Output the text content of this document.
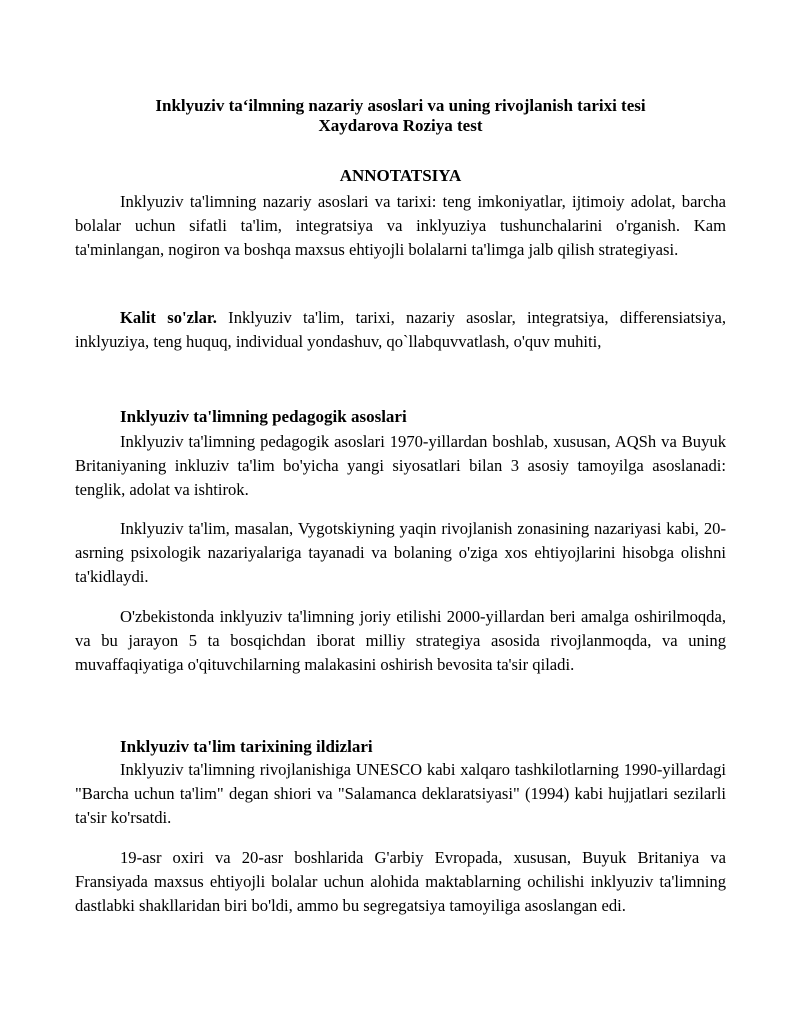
Inklyuziv ta‘ilmning nazariy asoslari va uning rivojlanish tarixi tesi
Xaydarova Roziya test
ANNOTATSIYA

Inklyuziv ta'limning nazariy asoslari va tarixi: teng imkoniyatlar, ijtimoiy adolat, barcha bolalar uchun sifatli ta'lim, integratsiya va inklyuziya tushunchalarini o'rganish. Kam ta'minlangan, nogiron va boshqa maxsus ehtiyojli bolalarni ta'limga jalb qilish strategiyasi.

Kalit so'zlar. Inklyuziv ta'lim, tarixi, nazariy asoslar, integratsiya, differensiatsiya, inklyuziya, teng huquq, individual yondashuv, qo`llabquvvatlash, o'quv muhiti,

Inklyuziv ta'limning pedagogik asoslari

Inklyuziv ta'limning pedagogik asoslari 1970-yillardan boshlab, xususan, AQSh va Buyuk Britaniyaning inkluziv ta'lim bo'yicha yangi siyosatlari bilan 3 asosiy tamoyilga asoslanadi: tenglik, adolat va ishtirok.

Inklyuziv ta'lim, masalan, Vygotskiyning yaqin rivojlanish zonasining nazariyasi kabi, 20-asrning psixologik nazariyalariga tayanadi va bolaning o'ziga xos ehtiyojlarini hisobga olishni ta'kidlaydi.

O'zbekistonda inklyuziv ta'limning joriy etilishi 2000-yillardan beri amalga oshirilmoqda, va bu jarayon 5 ta bosqichdan iborat milliy strategiya asosida rivojlanmoqda, va uning muvaffaqiyatiga o'qituvchilarning malakasini oshirish bevosita ta'sir qiladi.

Inklyuziv ta'lim tarixining ildizlari

Inklyuziv ta'limning rivojlanishiga UNESCO kabi xalqaro tashkilotlarning 1990-yillardagi "Barcha uchun ta'lim" degan shiori va "Salamanca deklaratsiyasi" (1994) kabi hujjatlari sezilarli ta'sir ko'rsatdi.

19-asr oxiri va 20-asr boshlarida G'arbiy Evropada, xususan, Buyuk Britaniya va Fransiyada maxsus ehtiyojli bolalar uchun alohida maktablarning ochilishi inklyuziv ta'limning dastlabki shakllaridan biri bo'ldi, ammo bu segregatsiya tamoyiliga asoslangan edi.
